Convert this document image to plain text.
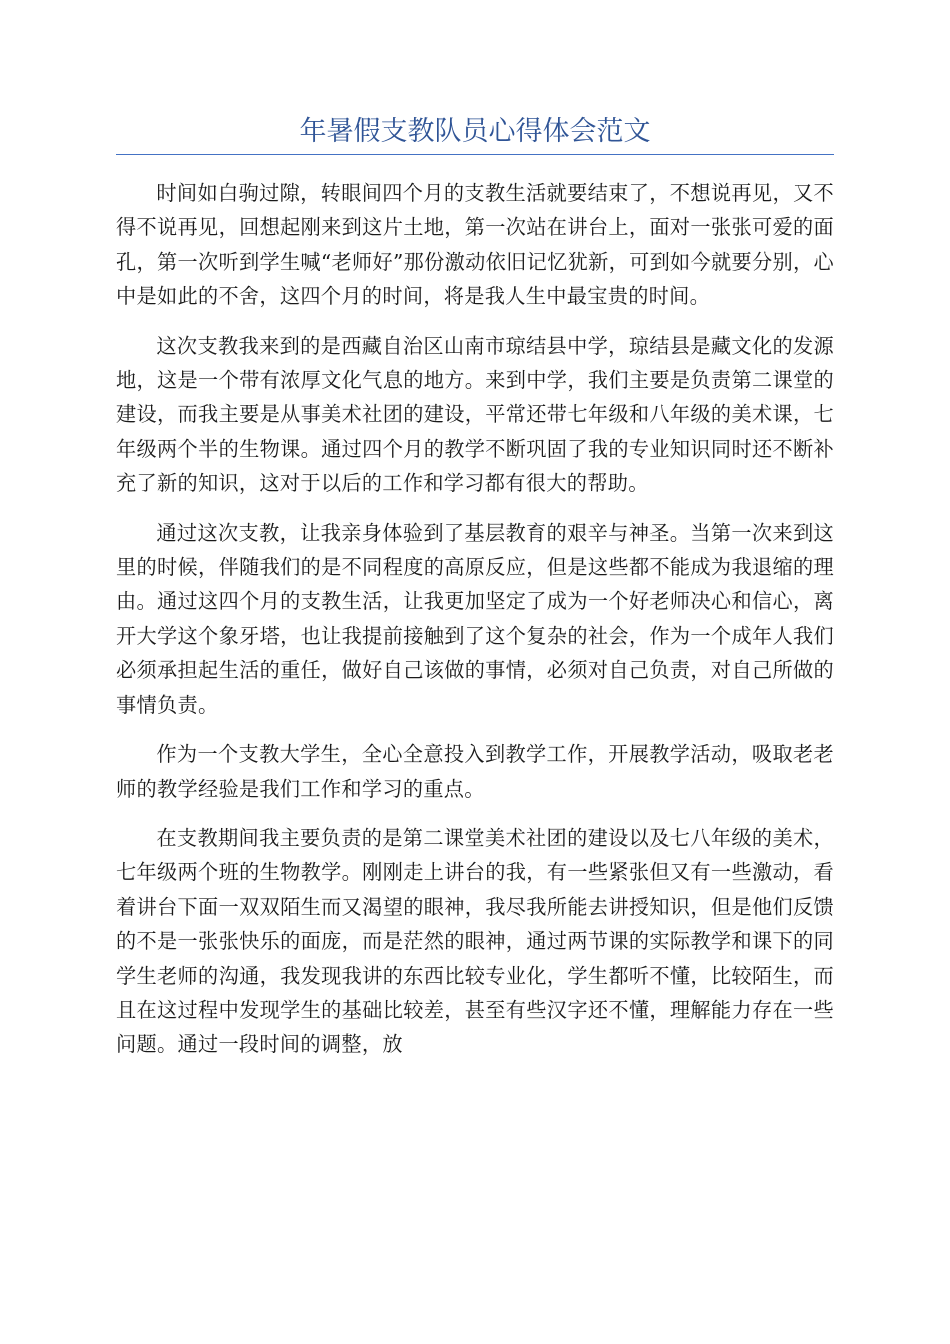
年暑假支教队员心得体会范文

时间如白驹过隙，转眼间四个月的支教生活就要结束了，不想说再见，又不得不说再见，回想起刚来到这片土地，第一次站在讲台上，面对一张张可爱的面孔，第一次听到学生喊“老师好”那份激动依旧记忆犹新，可到如今就要分别，心中是如此的不舍，这四个月的时间，将是我人生中最宝贵的时间。

这次支教我来到的是西藏自治区山南市琼结县中学，琼结县是藏文化的发源地，这是一个带有浓厚文化气息的地方。来到中学，我们主要是负责第二课堂的建设，而我主要是从事美术社团的建设，平常还带七年级和八年级的美术课，七年级两个半的生物课。通过四个月的教学不断巩固了我的专业知识同时还不断补充了新的知识，这对于以后的工作和学习都有很大的帮助。

通过这次支教，让我亲身体验到了基层教育的艰辛与神圣。当第一次来到这里的时候，伴随我们的是不同程度的高原反应，但是这些都不能成为我退缩的理由。通过这四个月的支教生活，让我更加坚定了成为一个好老师决心和信心，离开大学这个象牙塔，也让我提前接触到了这个复杂的社会，作为一个成年人我们必须承担起生活的重任，做好自己该做的事情，必须对自己负责，对自己所做的事情负责。

作为一个支教大学生，全心全意投入到教学工作，开展教学活动，吸取老老师的教学经验是我们工作和学习的重点。

在支教期间我主要负责的是第二课堂美术社团的建设以及七八年级的美术，七年级两个班的生物教学。刚刚走上讲台的我，有一些紧张但又有一些激动，看着讲台下面一双双陌生而又渴望的眼神，我尽我所能去讲授知识，但是他们反馈的不是一张张快乐的面庞，而是茫然的眼神，通过两节课的实际教学和课下的同学生老师的沟通，我发现我讲的东西比较专业化，学生都听不懂，比较陌生，而且在这过程中发现学生的基础比较差，甚至有些汉字还不懂，理解能力存在一些问题。通过一段时间的调整，放
